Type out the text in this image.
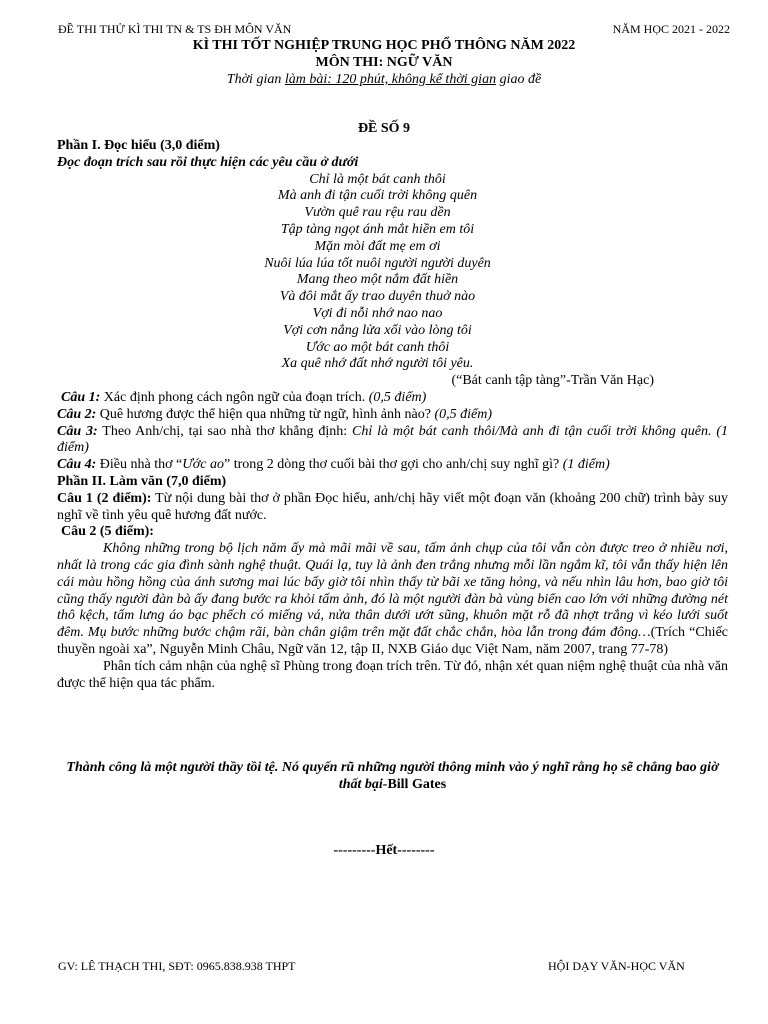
ĐỀ THI THỬ KÌ THI TN & TS ĐH MÔN VĂN	NĂM HỌC 2021 - 2022
KÌ THI TỐT NGHIỆP TRUNG HỌC PHỔ THÔNG NĂM 2022
MÔN THI: NGỮ VĂN
Thời gian làm bài: 120 phút, không kể thời gian giao đề
ĐỀ SỐ 9

Phần I. Đọc hiểu (3,0 điểm)

Đọc đoạn trích sau rồi thực hiện các yêu cầu ở dưới

Chỉ là một bát canh thôi
Mà anh đi tận cuối trời không quên
Vườn quê rau rệu rau dền
Tập tàng ngọt ánh mắt hiền em tôi
Mặn mòi đất mẹ em ơi
Nuôi lúa lúa tốt nuôi người người duyên
Mang theo một nắm đất hiền
Và đôi mắt ấy trao duyên thuở nào
Vợi đi nỗi nhớ nao nao
Vợi cơn nắng lửa xối vào lòng tôi
Ước ao một bát canh thôi
Xa quê nhớ đất nhớ người tôi yêu.

(“Bát canh tập tàng”-Trần Văn Hạc)

Câu 1: Xác định phong cách ngôn ngữ của đoạn trích. (0,5 điểm)

Câu 2: Quê hương được thể hiện qua những từ ngữ, hình ảnh nào? (0,5 điểm)

Câu 3: Theo Anh/chị, tại sao nhà thơ khẳng định: Chỉ là một bát canh thôi/Mà anh đi tận cuối trời không quên. (1 điểm)

Câu 4: Điều nhà thơ “Ước ao” trong 2 dòng thơ cuối bài thơ gợi cho anh/chị suy nghĩ gì? (1 điểm)

Phần II. Làm văn (7,0 điểm)

Câu 1 (2 điểm): Từ nội dung bài thơ ở phần Đọc hiểu, anh/chị hãy viết một đoạn văn (khoảng 200 chữ) trình bày suy nghĩ về tình yêu quê hương đất nước.

Câu 2 (5 điểm):

Không những trong bộ lịch năm ấy mà mãi mãi về sau, tấm ảnh chụp của tôi vẫn còn được treo ở nhiều nơi, nhất là trong các gia đình sành nghệ thuật. Quái lạ, tuy là ảnh đen trắng nhưng mỗi lần ngắm kĩ, tôi vẫn thấy hiện lên cái màu hồng hồng của ánh sương mai lúc bấy giờ tôi nhìn thấy từ bãi xe tăng hỏng, và nếu nhìn lâu hơn, bao giờ tôi cũng thấy người đàn bà ấy đang bước ra khỏi tấm ảnh, đó là một người đàn bà vùng biển cao lớn với những đường nét thô kệch, tấm lưng áo bạc phếch có miếng vá, nửa thân dưới ướt sũng, khuôn mặt rỗ đã nhợt trắng vì kéo lưới suốt đêm. Mụ bước những bước chậm rãi, bàn chân giậm trên mặt đất chắc chắn, hòa lẫn trong đám đông…(Trích “Chiếc thuyền ngoài xa”, Nguyễn Minh Châu, Ngữ văn 12, tập II, NXB Giáo dục Việt Nam, năm 2007, trang 77-78)

Phân tích cảm nhận của nghệ sĩ Phùng trong đoạn trích trên. Từ đó, nhận xét quan niệm nghệ thuật của nhà văn được thể hiện qua tác phẩm.

Thành công là một người thầy tồi tệ. Nó quyến rũ những người thông minh vào ý nghĩ rằng họ sẽ chẳng bao giờ thất bại-Bill Gates
---------Hết--------
GV: LÊ THẠCH THI, SĐT: 0965.838.938 THPT	HỘI DẠY VĂN-HỌC VĂN
